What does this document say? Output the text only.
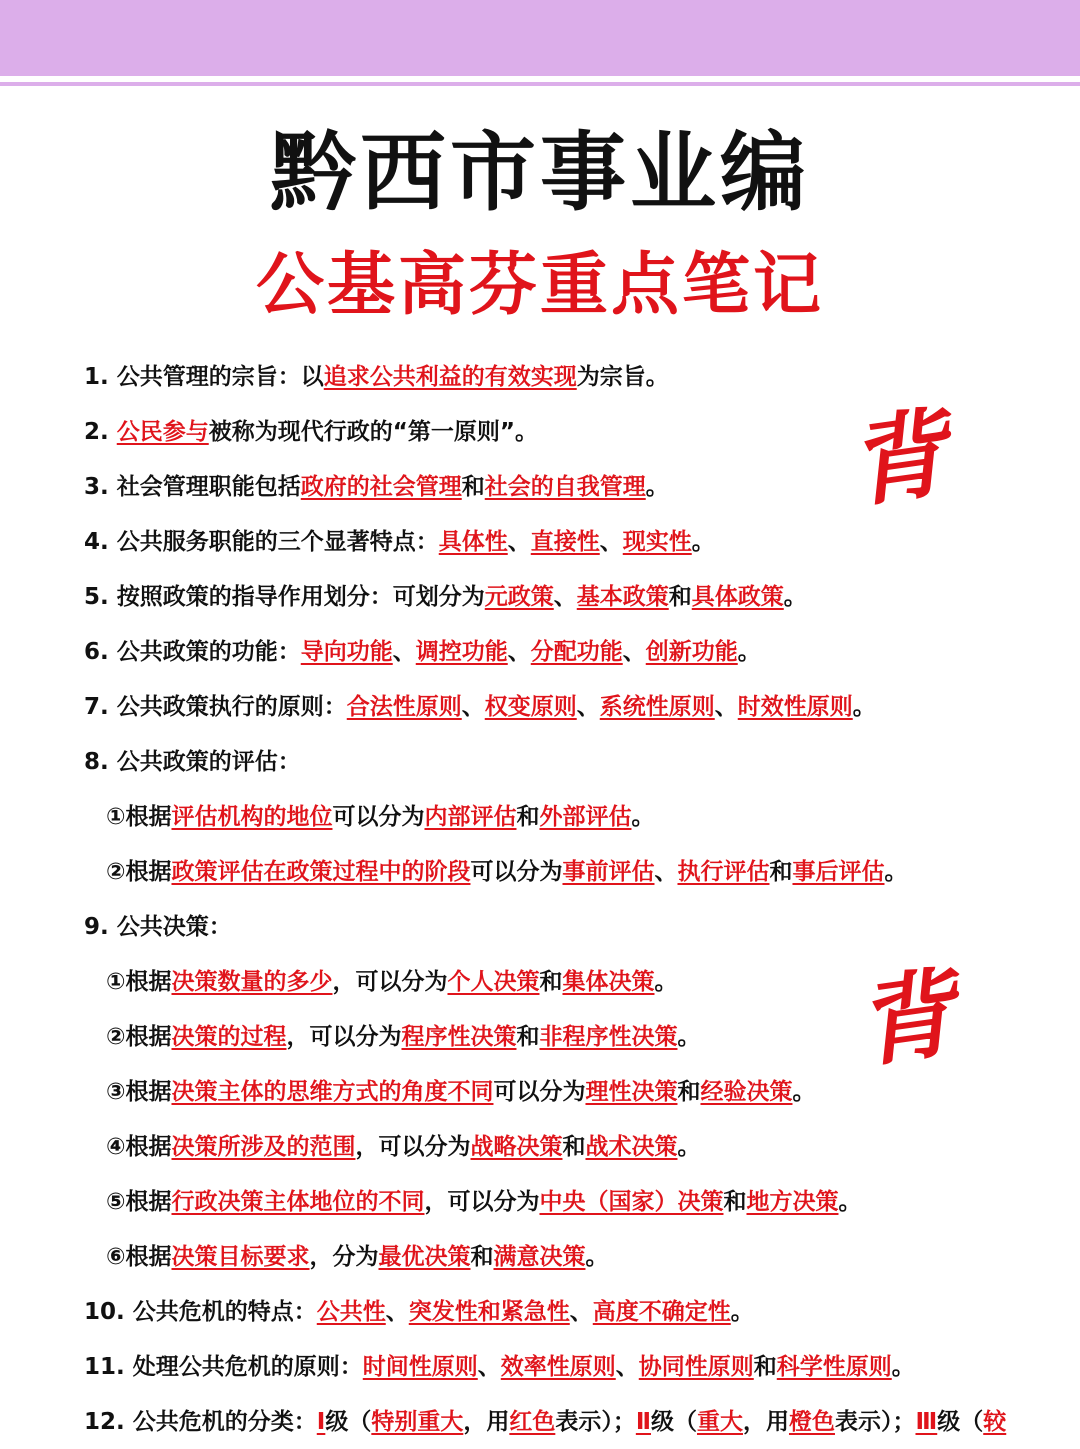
黔西市事业编
公基高芬重点笔记
背
背
1. 公共管理的宗旨：以追求公共利益的有效实现为宗旨。
2. 公民参与被称为现代行政的“第一原则”。
3. 社会管理职能包括政府的社会管理和社会的自我管理。
4. 公共服务职能的三个显著特点：具体性、直接性、现实性。
5. 按照政策的指导作用划分：可划分为元政策、基本政策和具体政策。
6. 公共政策的功能：导向功能、调控功能、分配功能、创新功能。
7. 公共政策执行的原则：合法性原则、权变原则、系统性原则、时效性原则。
8. 公共政策的评估：
①根据评估机构的地位可以分为内部评估和外部评估。
②根据政策评估在政策过程中的阶段可以分为事前评估、执行评估和事后评估。
9. 公共决策：
①根据决策数量的多少，可以分为个人决策和集体决策。
②根据决策的过程，可以分为程序性决策和非程序性决策。
③根据决策主体的思维方式的角度不同可以分为理性决策和经验决策。
④根据决策所涉及的范围，可以分为战略决策和战术决策。
⑤根据行政决策主体地位的不同，可以分为中央（国家）决策和地方决策。
⑥根据决策目标要求，分为最优决策和满意决策。
10. 公共危机的特点：公共性、突发性和紧急性、高度不确定性。
11. 处理公共危机的原则：时间性原则、效率性原则、协同性原则和科学性原则。
12. 公共危机的分类：Ⅰ级（特别重大，用红色表示）；Ⅱ级（重大，用橙色表示）；Ⅲ级（较
